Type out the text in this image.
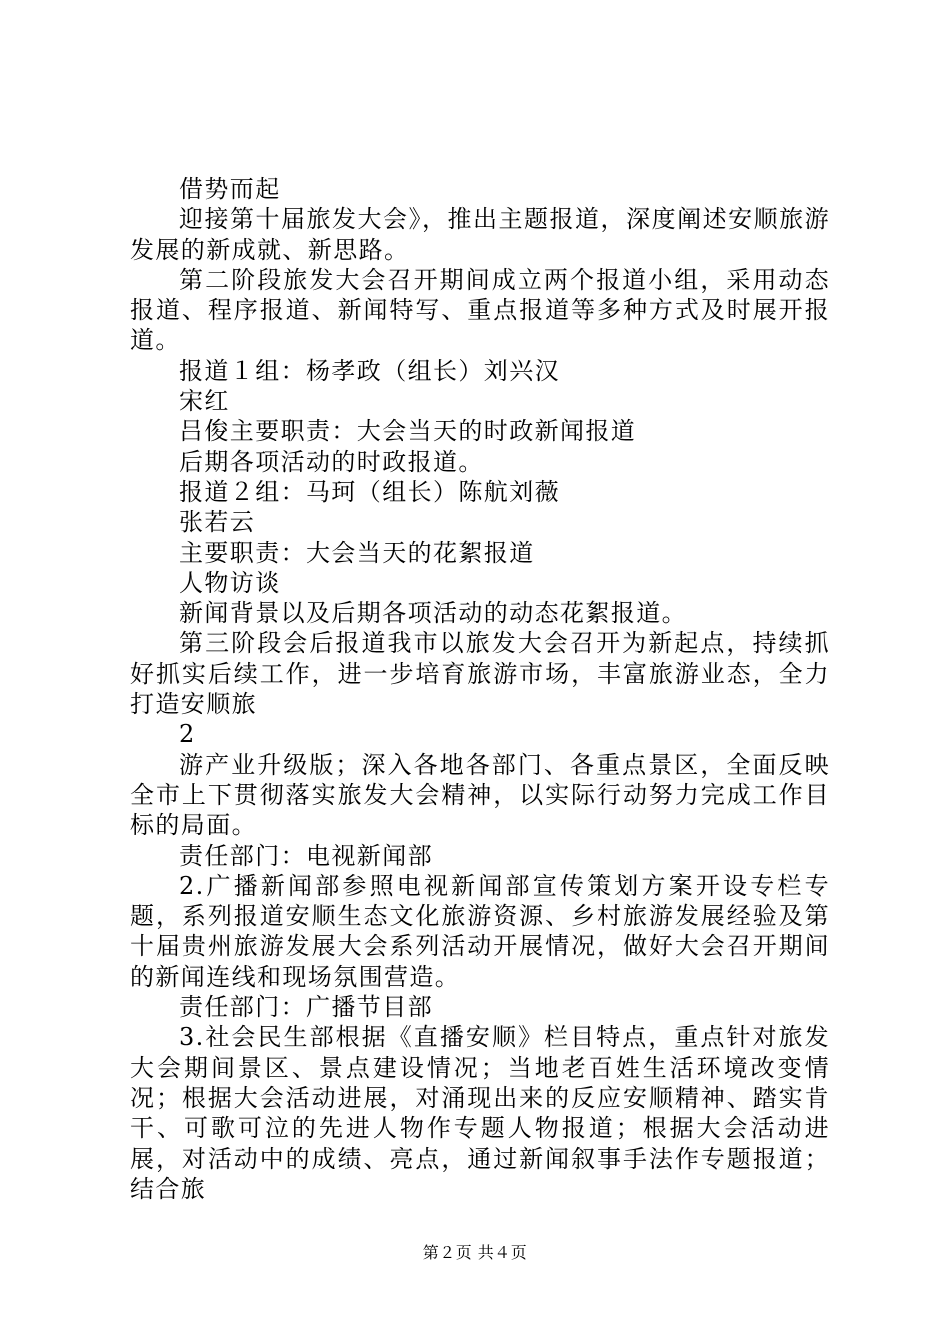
借势而起

迎接第十届旅发大会》，推出主题报道，深度阐述安顺旅游发展的新成就、新思路。

第二阶段旅发大会召开期间成立两个报道小组，采用动态报道、程序报道、新闻特写、重点报道等多种方式及时展开报道。

报道１组：杨孝政（组长）刘兴汉

宋红

吕俊主要职责：大会当天的时政新闻报道

后期各项活动的时政报道。

报道２组：马珂（组长）陈航刘薇

张若云

主要职责：大会当天的花絮报道

人物访谈

新闻背景以及后期各项活动的动态花絮报道。

第三阶段会后报道我市以旅发大会召开为新起点，持续抓好抓实后续工作，进一步培育旅游市场，丰富旅游业态，全力打造安顺旅

2

游产业升级版；深入各地各部门、各重点景区，全面反映全市上下贯彻落实旅发大会精神，以实际行动努力完成工作目标的局面。

责任部门：电视新闻部

2.广播新闻部参照电视新闻部宣传策划方案开设专栏专题，系列报道安顺生态文化旅游资源、乡村旅游发展经验及第十届贵州旅游发展大会系列活动开展情况，做好大会召开期间的新闻连线和现场氛围营造。

责任部门：广播节目部

3.社会民生部根据《直播安顺》栏目特点，重点针对旅发大会期间景区、景点建设情况；当地老百姓生活环境改变情况；根据大会活动进展，对涌现出来的反应安顺精神、踏实肯干、可歌可泣的先进人物作专题人物报道；根据大会活动进展，对活动中的成绩、亮点，通过新闻叙事手法作专题报道；结合旅

第２页 共４页
